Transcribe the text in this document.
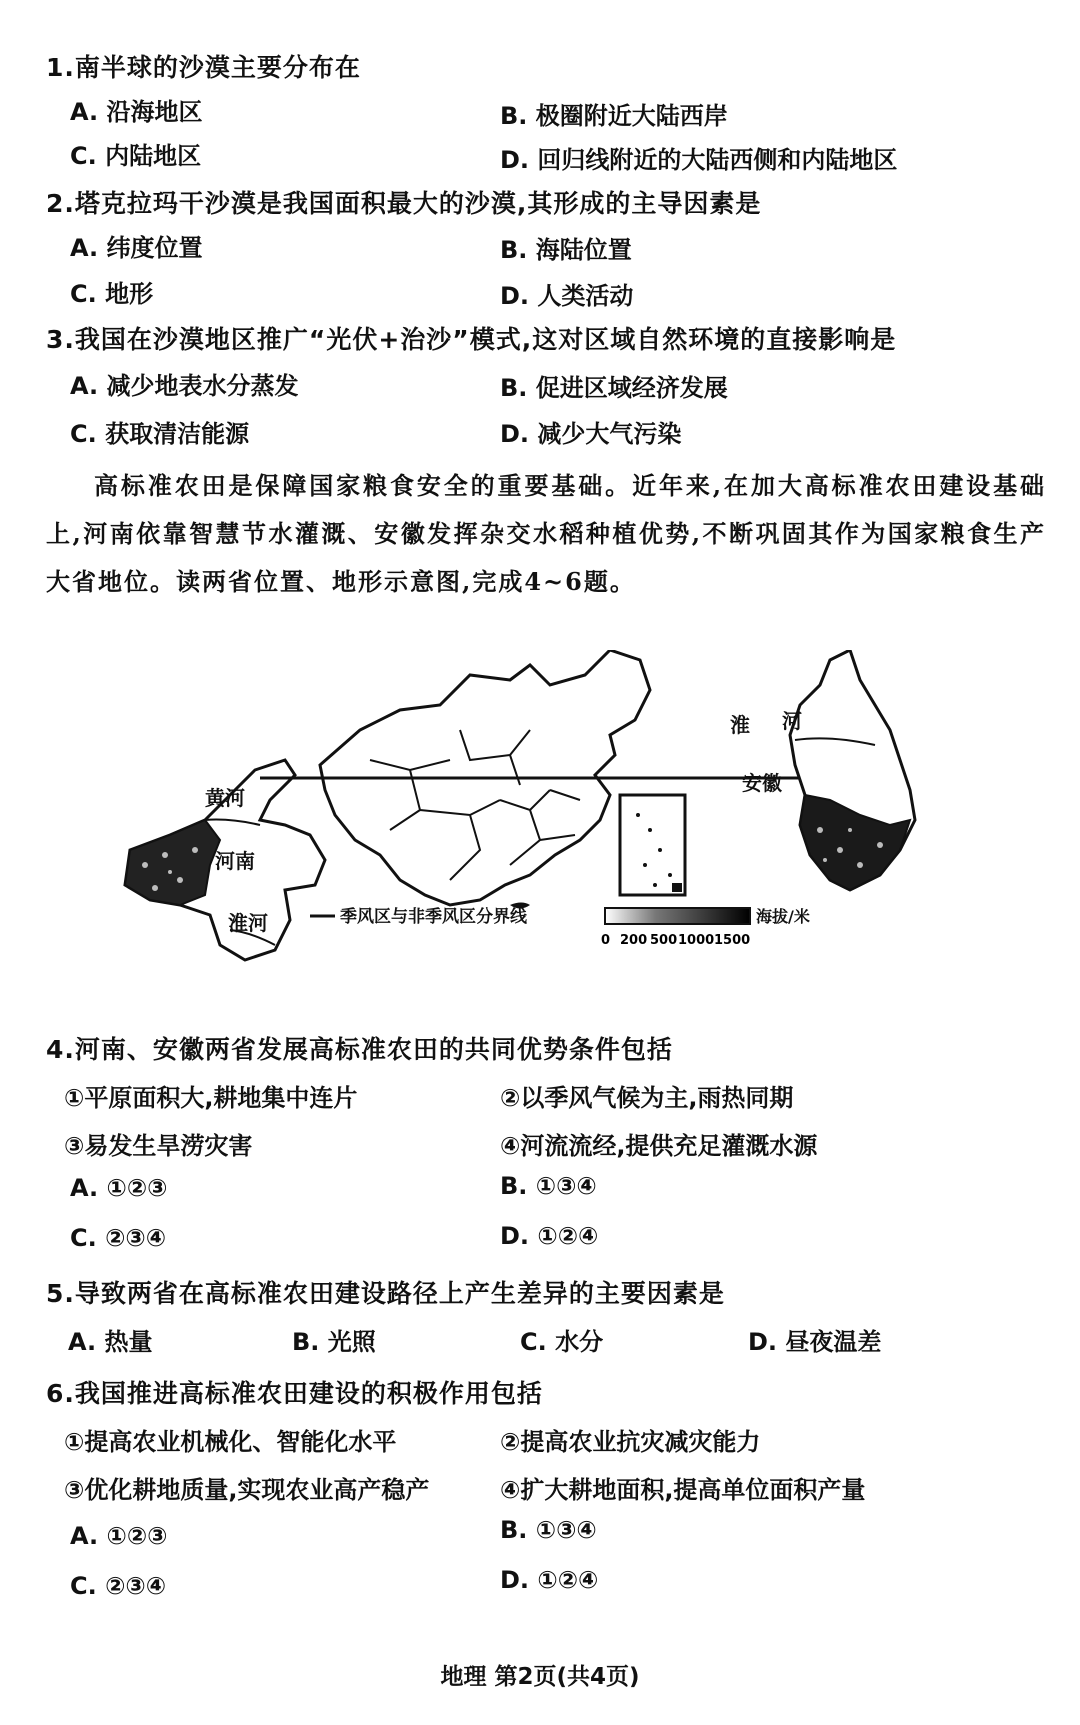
1.南半球的沙漠主要分布在
A. 沿海地区	B. 极圈附近大陆西岸
C. 内陆地区	D. 回归线附近的大陆西侧和内陆地区
2.塔克拉玛干沙漠是我国面积最大的沙漠,其形成的主导因素是
A. 纬度位置	B. 海陆位置
C. 地形	D. 人类活动
3.我国在沙漠地区推广“光伏+治沙”模式,这对区域自然环境的直接影响是
A. 减少地表水分蒸发	B. 促进区域经济发展
C. 获取清洁能源	D. 减少大气污染
高标准农田是保障国家粮食安全的重要基础。近年来,在加大高标准农田建设基础上,河南依靠智慧节水灌溉、安徽发挥杂交水稻种植优势,不断巩固其作为国家粮食生产大省地位。读两省位置、地形示意图,完成4~6题。
黄河
河南
淮河
淮 河
安徽
季风区与非季风区分界线	海拔/米
0 200 500 1000 1500
4.河南、安徽两省发展高标准农田的共同优势条件包括
①平原面积大,耕地集中连片	②以季风气候为主,雨热同期
③易发生旱涝灾害	④河流流经,提供充足灌溉水源
A. ①②③	B. ①③④
C. ②③④	D. ①②④
5.导致两省在高标准农田建设路径上产生差异的主要因素是
A. 热量	B. 光照	C. 水分	D. 昼夜温差
6.我国推进高标准农田建设的积极作用包括
①提高农业机械化、智能化水平	②提高农业抗灾减灾能力
③优化耕地质量,实现农业高产稳产	④扩大耕地面积,提高单位面积产量
A. ①②③	B. ①③④
C. ②③④	D. ①②④
地理 第2页(共4页)
